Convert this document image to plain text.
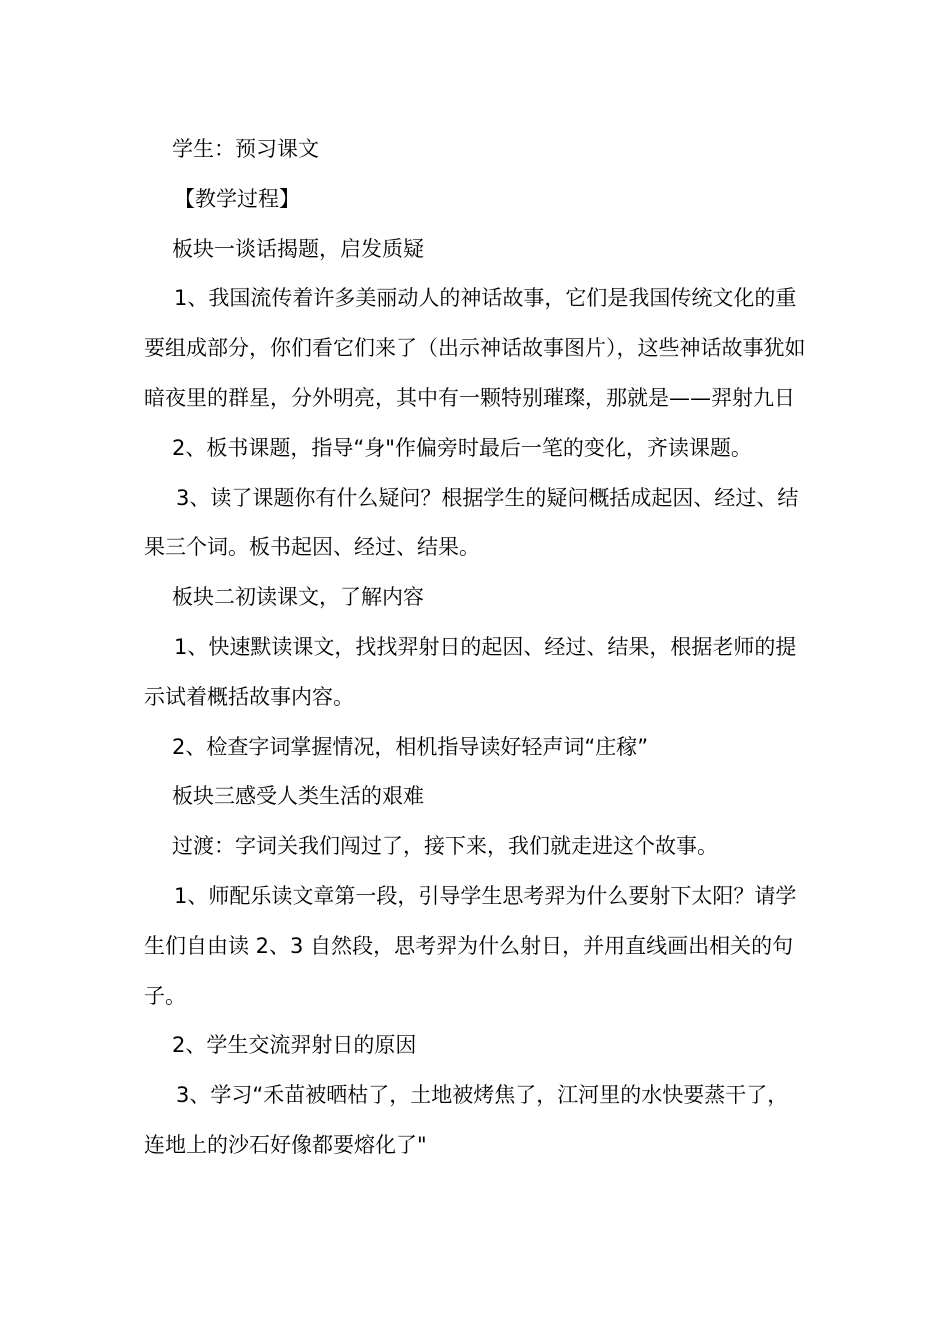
学生：预习课文

【教学过程】

板块一谈话揭题，启发质疑

1、我国流传着许多美丽动人的神话故事，它们是我国传统文化的重要组成部分，你们看它们来了（出示神话故事图片），这些神话故事犹如暗夜里的群星，分外明亮，其中有一颗特别璀璨，那就是——羿射九日

2、板书课题，指导“身"作偏旁时最后一笔的变化，齐读课题。

3、读了课题你有什么疑问？根据学生的疑问概括成起因、经过、结果三个词。板书起因、经过、结果。

板块二初读课文，了解内容

1、快速默读课文，找找羿射日的起因、经过、结果，根据老师的提示试着概括故事内容。

2、检查字词掌握情况，相机指导读好轻声词“庄稼”

板块三感受人类生活的艰难

过渡：字词关我们闯过了，接下来，我们就走进这个故事。

1、师配乐读文章第一段，引导学生思考羿为什么要射下太阳？请学生们自由读 2、3 自然段，思考羿为什么射日，并用直线画出相关的句子。

2、学生交流羿射日的原因

3、学习“禾苗被晒枯了，土地被烤焦了，江河里的水快要蒸干了，连地上的沙石好像都要熔化了"
